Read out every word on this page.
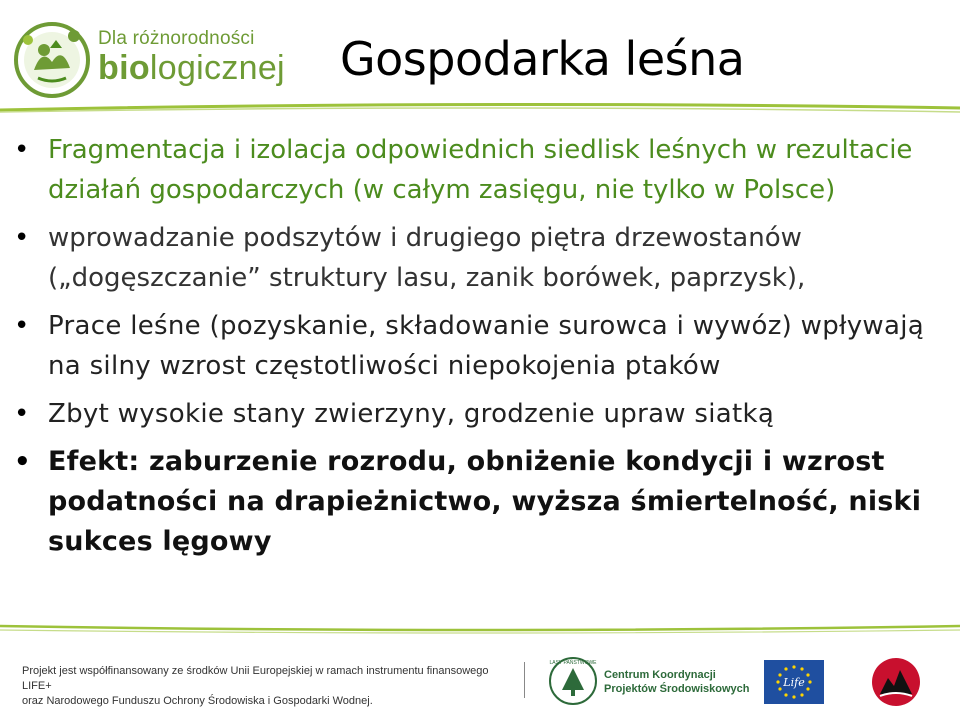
Dla różnorodności
biologicznej Gospodarka leśna
• Fragmentacja i izolacja odpowiednich siedlisk leśnych w rezultacie działań gospodarczych (w całym zasięgu, nie tylko w Polsce)
• wprowadzanie podszytów i drugiego piętra drzewostanów („dogęszczanie” struktury lasu, zanik borówek, paprzysk),
• Prace leśne (pozyskanie, składowanie surowca i wywóz) wpływają na silny wzrost częstotliwości niepokojenia ptaków
• Zbyt wysokie stany zwierzyny, grodzenie upraw siatką
• Efekt: zaburzenie rozrodu, obniżenie kondycji i wzrost podatności na drapieżnictwo, wyższa śmiertelność, niski sukces lęgowy
Projekt jest współfinansowany ze środków Unii Europejskiej w ramach instrumentu finansowego LIFE+
oraz Narodowego Funduszu Ochrony Środowiska i Gospodarki Wodnej.
LASY PAŃSTWOWE
Centrum Koordynacji
Projektów Środowiskowych	Life
